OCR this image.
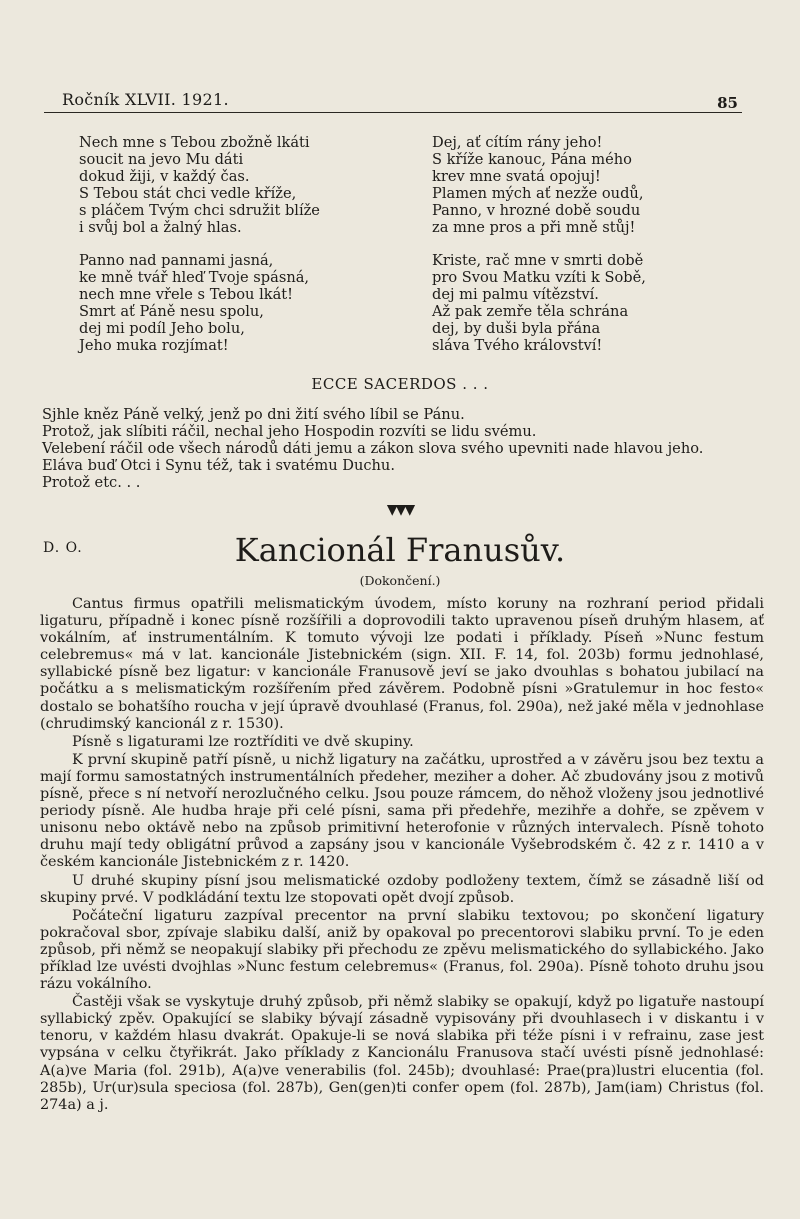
Ročník XLVII. 1921.	85
Nech mne s Tebou zbožně lkáti
soucit na jevo Mu dáti
dokud žiji, v každý čas.
S Tebou stát chci vedle kříže,
s pláčem Tvým chci sdružit blíže
i svůj bol a žalný hlas.
Panno nad pannami jasná,
ke mně tvář hleď Tvoje spásná,
nech mne vřele s Tebou lkát!
Smrt ať Páně nesu spolu,
dej mi podíl Jeho bolu,
Jeho muka rozjímat!
Dej, ať cítím rány jeho!
S kříže kanouc, Pána mého
krev mne svatá opojuj!
Plamen mých ať nezže oudů,
Panno, v hrozné době soudu
za mne pros a při mně stůj!
Kriste, rač mne v smrti době
pro Svou Matku vzíti k Sobě,
dej mi palmu vítězství.
Až pak zemře těla schrána
dej, by duši byla přána
sláva Tvého království!
ECCE SACERDOS . . .
Sjhle kněz Páně velký, jenž po dni žití svého líbil se Pánu.
Protož, jak slíbiti ráčil, nechal jeho Hospodin rozvíti se lidu svému.
Velebení ráčil ode všech národů dáti jemu a zákon slova svého upevniti nade hlavou jeho.
Eláva buď Otci i Synu též, tak i svatému Duchu.
Protož etc. . .
▼▼▼
D. O.	Kancionál Franusův.
(Dokončení.)

Cantus firmus opatřili melismatickým úvodem, místo koruny na rozhraní period přidali ligaturu, případně i konec písně rozšířili a doprovodili takto upravenou píseň druhým hlasem, ať vokálním, ať instrumentálním. K tomuto vývoji lze podati i příklady. Píseň »Nunc festum celebremus« má v lat. kancionále Jistebnickém (sign. XII. F. 14, fol. 203b) formu jednohlasé, syllabické písně bez ligatur: v kancionále Franusově jeví se jako dvouhlas s bohatou jubilací na počátku a s melismatickým rozšířením před závěrem. Podobně písni »Gratulemur in hoc festo« dostalo se bohatšího roucha v její úpravě dvouhlasé (Franus, fol. 290a), než jaké měla v jednohlase (chrudimský kancionál z r. 1530).

Písně s ligaturami lze roztříditi ve dvě skupiny.

K první skupině patří písně, u nichž ligatury na začátku, uprostřed a v závěru jsou bez textu a mají formu samostatných instrumentálních předeher, meziher a doher. Ač zbudovány jsou z motivů písně, přece s ní netvoří nerozlučného celku. Jsou pouze rámcem, do něhož vloženy jsou jednotlivé periody písně. Ale hudba hraje při celé písni, sama při předehře, mezihře a dohře, se zpěvem v unisonu nebo oktávě nebo na způsob primitivní heterofonie v různých intervalech. Písně tohoto druhu mají tedy obligátní průvod a zapsány jsou v kancionále Vyšebrodském č. 42 z r. 1410 a v českém kancionále Jistebnickém z r. 1420.

U druhé skupiny písní jsou melismatické ozdoby podloženy textem, čímž se zásadně liší od skupiny prvé. V podkládání textu lze stopovati opět dvojí způsob.

Počáteční ligaturu zazpíval precentor na první slabiku textovou; po skončení ligatury pokračoval sbor, zpívaje slabiku další, aniž by opakoval po precentorovi slabiku první. To je eden způsob, při němž se neopakují slabiky při přechodu ze zpěvu melismatického do syllabického. Jako příklad lze uvésti dvojhlas »Nunc festum celebremus« (Franus, fol. 290a). Písně tohoto druhu jsou rázu vokálního.

Častěji však se vyskytuje druhý způsob, při němž slabiky se opakují, když po ligatuře nastoupí syllabický zpěv. Opakující se slabiky bývají zásadně vypisovány při dvouhlasech i v diskantu i v tenoru, v každém hlasu dvakrát. Opakuje-li se nová slabika při téže písni i v refrainu, zase jest vypsána v celku čtyřikrát. Jako příklady z Kancionálu Franusova stačí uvésti písně jednohlasé: A(a)ve Maria (fol. 291b), A(a)ve venerabilis (fol. 245b); dvouhlasé: Prae(pra)lustri elucentia (fol. 285b), Ur(ur)sula speciosa (fol. 287b), Gen(gen)ti confer opem (fol. 287b), Jam(iam) Christus (fol. 274a) a j.
